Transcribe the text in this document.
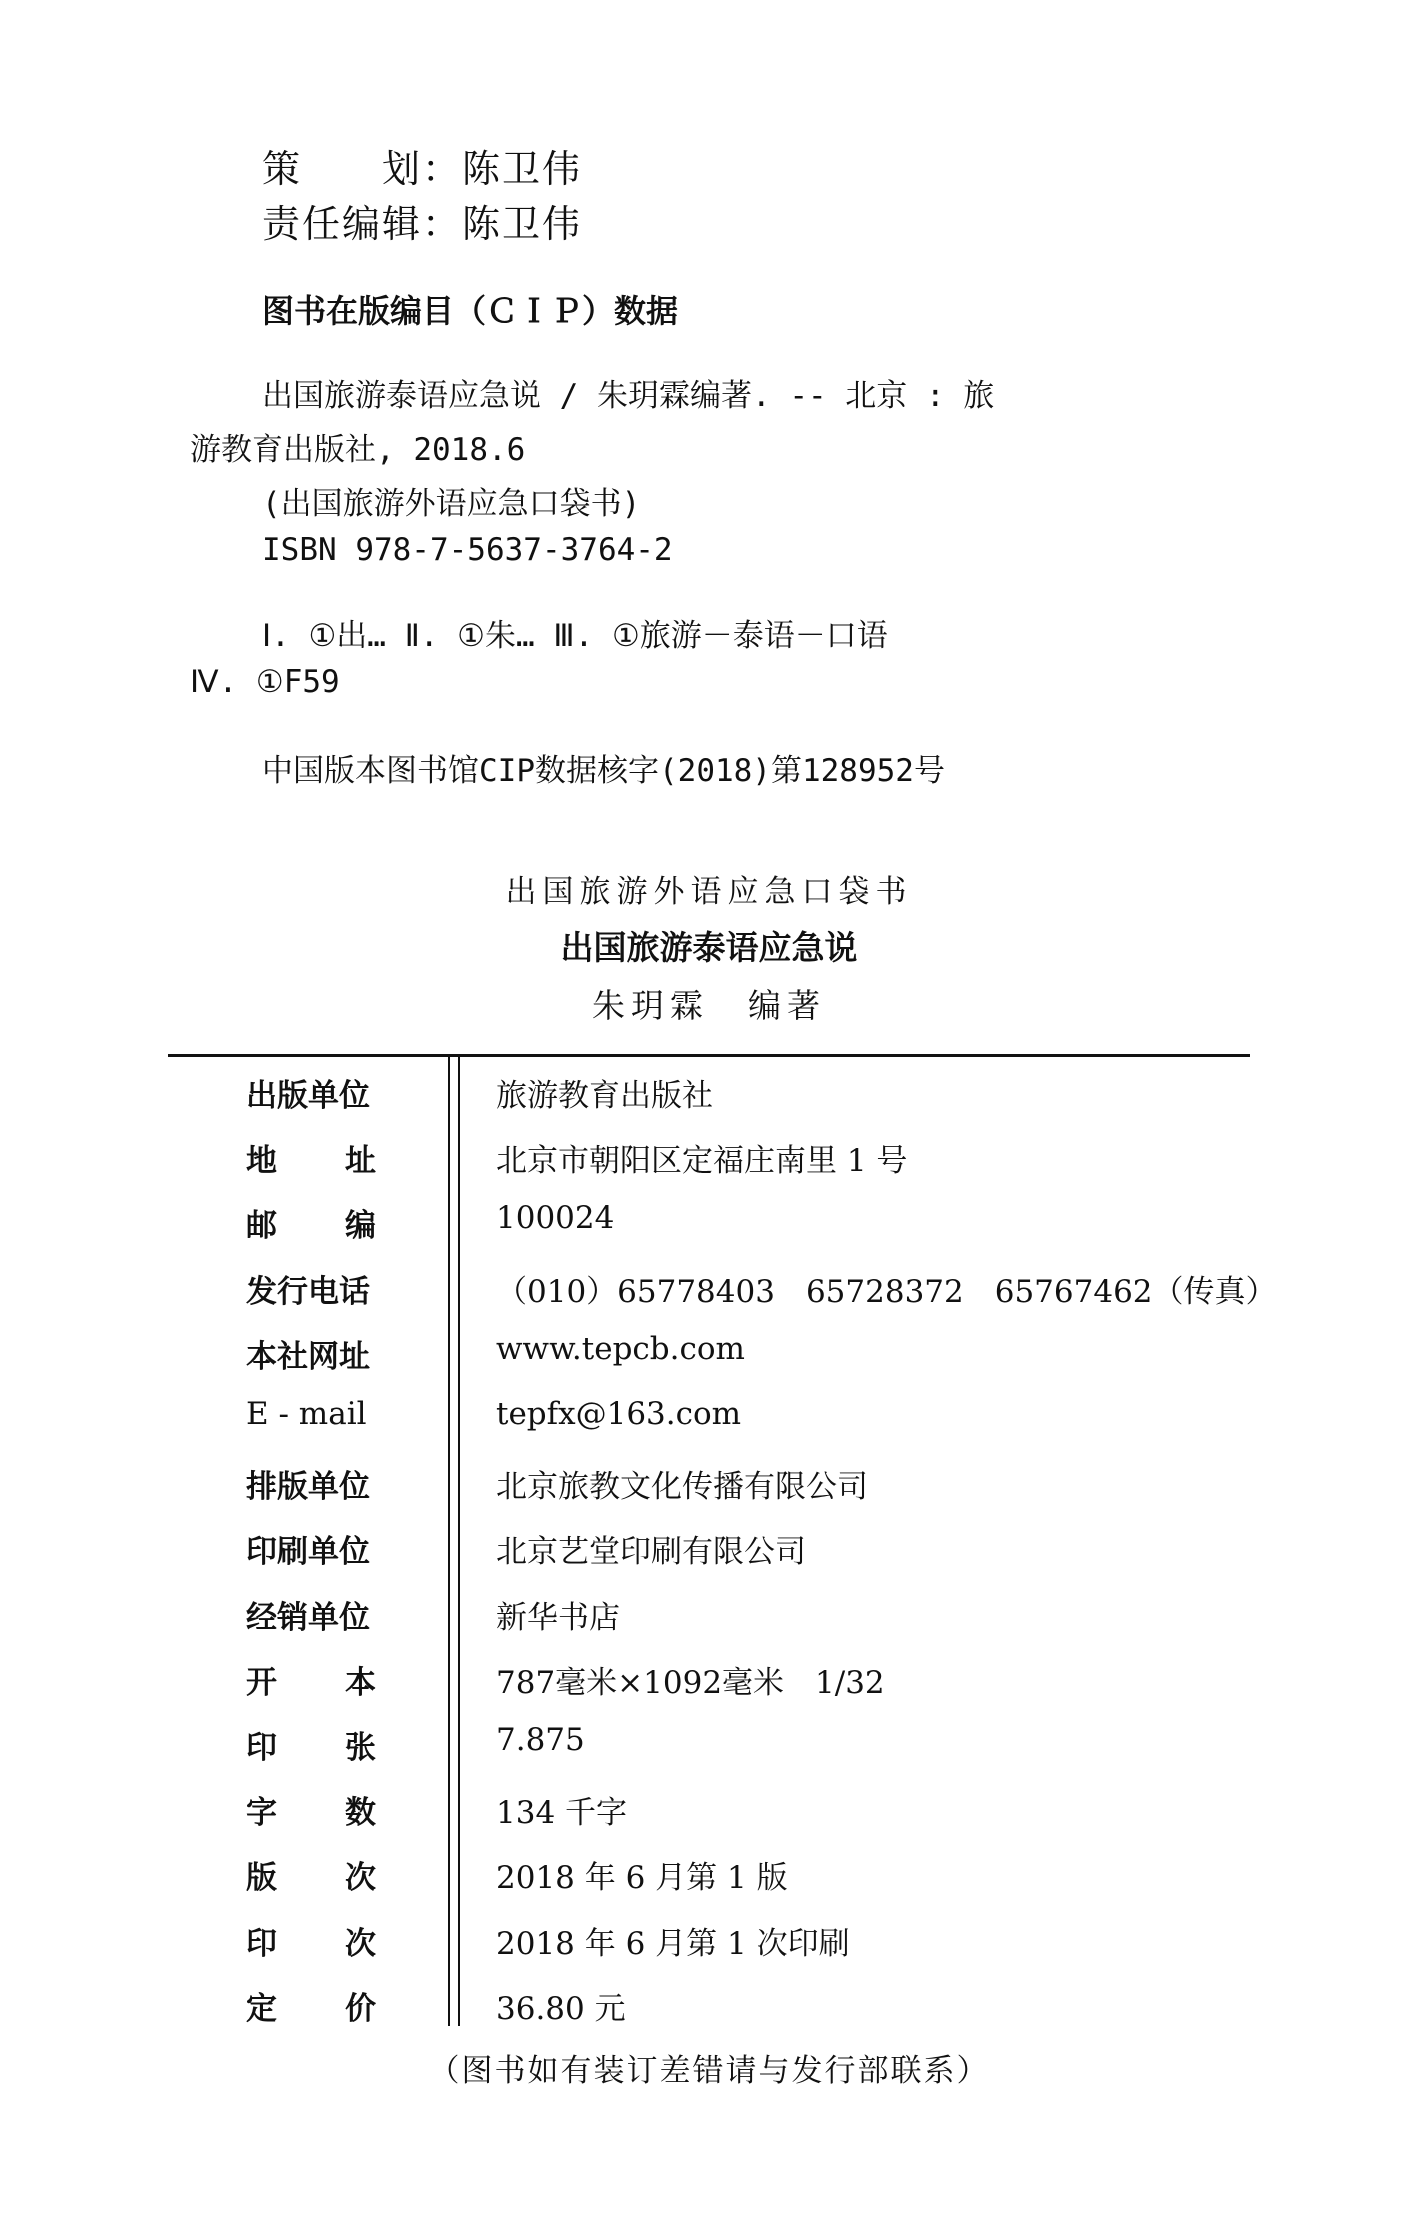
策　　划： 陈卫伟
责任编辑： 陈卫伟
图书在版编目（ＣＩＰ）数据
出国旅游泰语应急说 / 朱玥霖编著. -- 北京 : 旅
游教育出版社, 2018.6
(出国旅游外语应急口袋书)
ISBN 978-7-5637-3764-2
Ⅰ. ①出… Ⅱ. ①朱… Ⅲ. ①旅游－泰语－口语
Ⅳ. ①F59
中国版本图书馆CIP数据核字(2018)第128952号
出国旅游外语应急口袋书
出国旅游泰语应急说
朱玥霖　编著
出版单位	旅游教育出版社
地 址	北京市朝阳区定福庄南里 1 号
邮 编	100024
发行电话	（010）65778403　65728372　65767462（传真）
本社网址	www.tepcb.com
E - mail	tepfx@163.com
排版单位	北京旅教文化传播有限公司
印刷单位	北京艺堂印刷有限公司
经销单位	新华书店
开 本	787毫米×1092毫米　1/32
印 张	7.875
字 数	134 千字
版 次	2018 年 6 月第 1 版
印 次	2018 年 6 月第 1 次印刷
定 价	36.80 元
（图书如有装订差错请与发行部联系）
